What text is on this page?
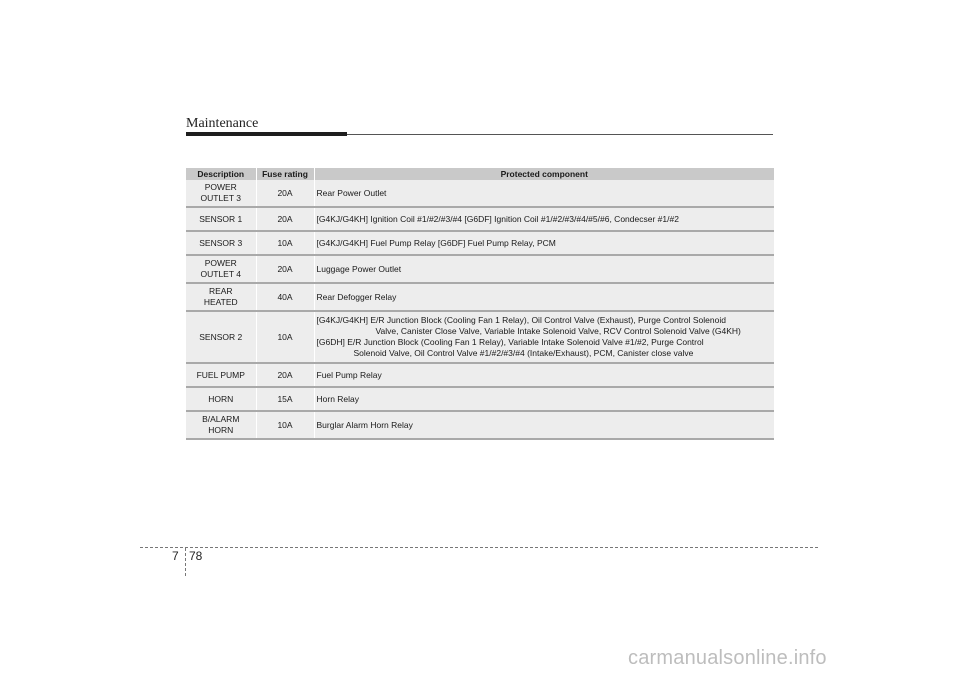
Maintenance
Description	Fuse rating	Protected component
POWER
OUTLET 3	20A	Rear Power Outlet
SENSOR 1	20A	[G4KJ/G4KH] Ignition Coil #1/#2/#3/#4 [G6DF] Ignition Coil #1/#2/#3/#4/#5/#6, Condecser #1/#2
SENSOR 3	10A	[G4KJ/G4KH] Fuel Pump Relay [G6DF] Fuel Pump Relay, PCM
POWER
OUTLET 4	20A	Luggage Power Outlet
REAR
HEATED	40A	Rear Defogger Relay
SENSOR 2	10A	[G4KJ/G4KH] E/R Junction Block (Cooling Fan 1 Relay), Oil Control Valve (Exhaust), Purge Control Solenoid
Valve, Canister Close Valve, Variable Intake Solenoid Valve, RCV Control Solenoid Valve (G4KH)
[G6DH] E/R Junction Block (Cooling Fan 1 Relay), Variable Intake Solenoid Valve #1/#2, Purge Control
Solenoid Valve, Oil Control Valve #1/#2/#3/#4 (Intake/Exhaust), PCM, Canister close valve

FUEL PUMP	20A	Fuel Pump Relay
HORN	15A	Horn Relay
B/ALARM
HORN	10A	Burglar Alarm Horn Relay
7 78
carmanualsonline.info
